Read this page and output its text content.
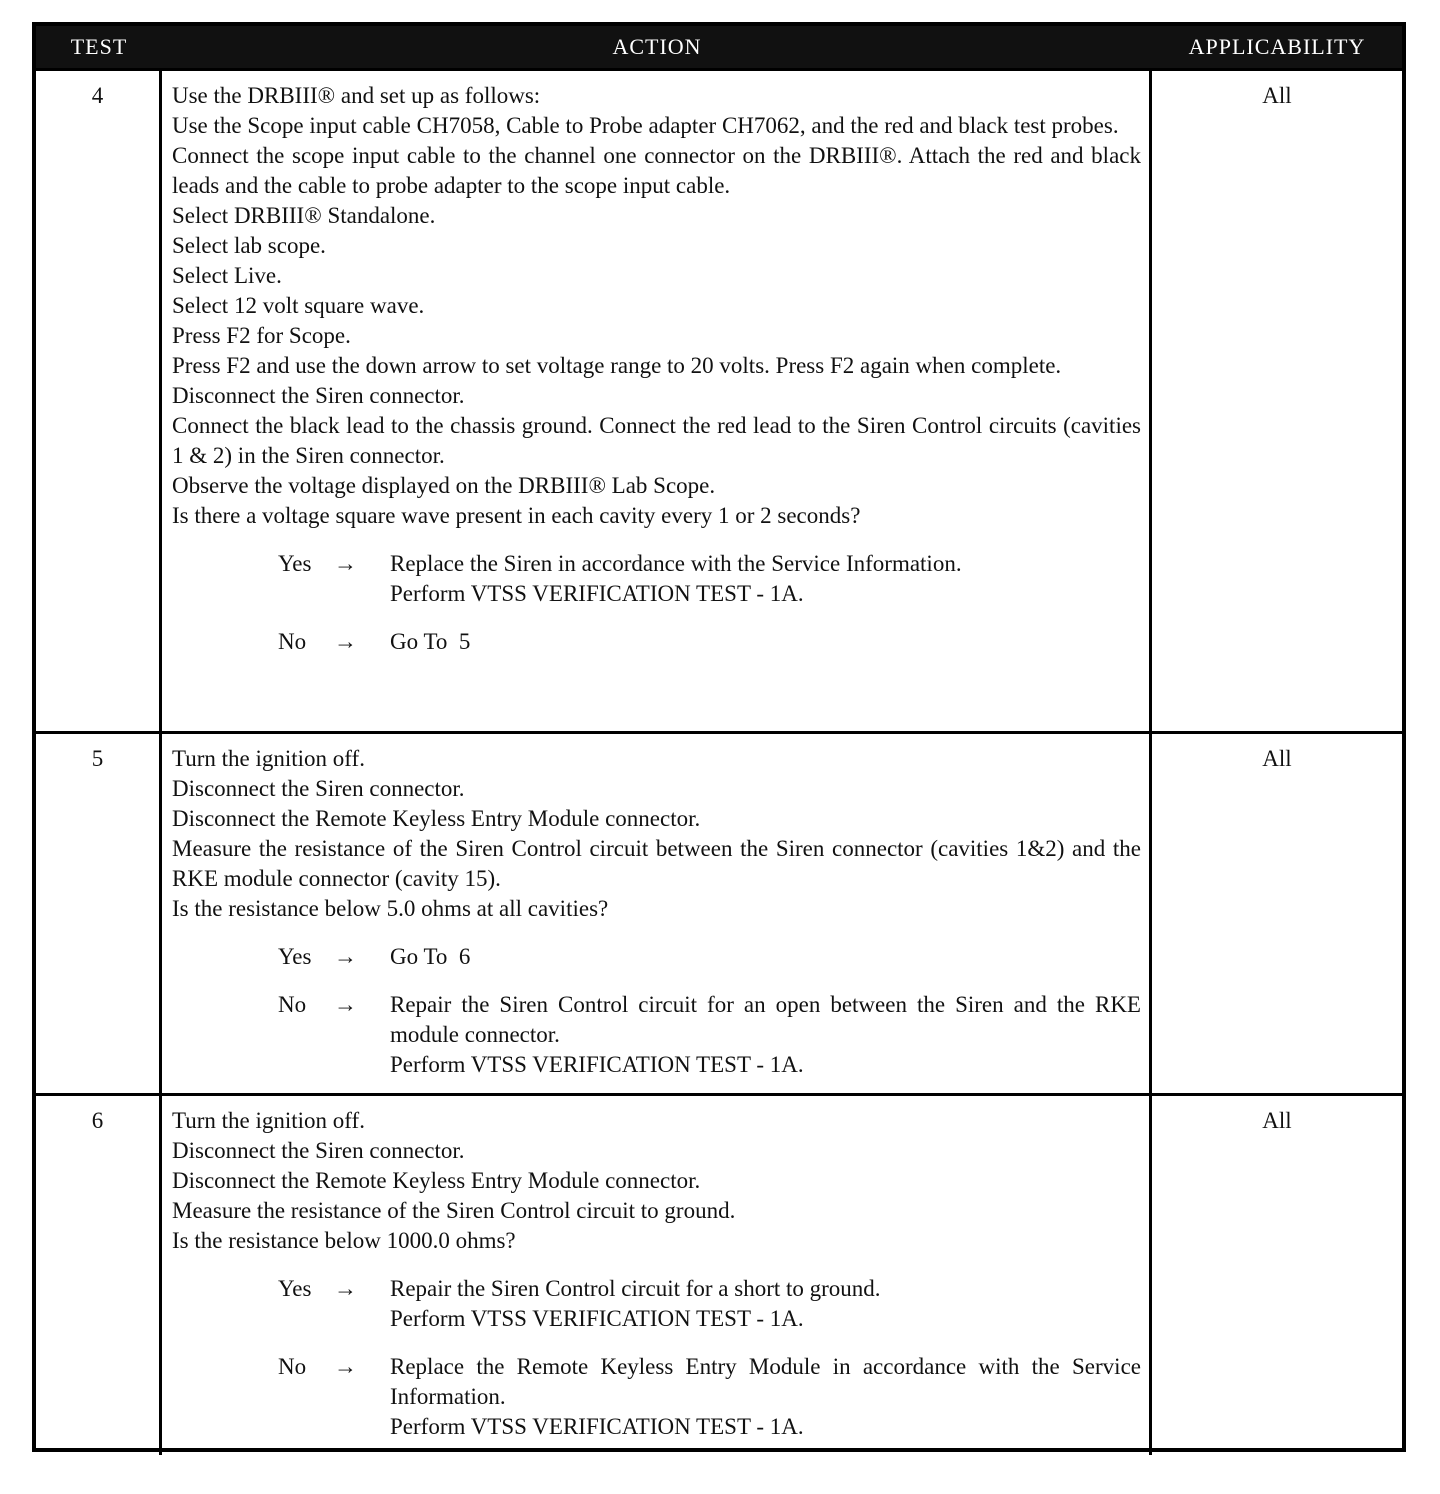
TEST	ACTION	APPLICABILITY
4	Use the DRBIII® and set up as follows:
Use the Scope input cable CH7058, Cable to Probe adapter CH7062, and the red and black test probes.
Connect the scope input cable to the channel one connector on the DRBIII®. Attach the red and black leads and the cable to probe adapter to the scope input cable.
Select DRBIII® Standalone.
Select lab scope.
Select Live.
Select 12 volt square wave.
Press F2 for Scope.
Press F2 and use the down arrow to set voltage range to 20 volts. Press F2 again when complete.
Disconnect the Siren connector.
Connect the black lead to the chassis ground. Connect the red lead to the Siren Control circuits (cavities 1 & 2) in the Siren connector.
Observe the voltage displayed on the DRBIII® Lab Scope.
Is there a voltage square wave present in each cavity every 1 or 2 seconds?
Yes →	Replace the Siren in accordance with the Service Information.
Perform VTSS VERIFICATION TEST - 1A.
No	→	Go To  5
All
5	Turn the ignition off.
Disconnect the Siren connector.
Disconnect the Remote Keyless Entry Module connector.
Measure the resistance of the Siren Control circuit between the Siren connector (cavities 1&2) and the RKE module connector (cavity 15).
Is the resistance below 5.0 ohms at all cavities?
Yes →	Go To  6
No	→	Repair the Siren Control circuit for an open between the Siren and the RKE module connector.
Perform VTSS VERIFICATION TEST - 1A.
All
6	Turn the ignition off.
Disconnect the Siren connector.
Disconnect the Remote Keyless Entry Module connector.
Measure the resistance of the Siren Control circuit to ground.
Is the resistance below 1000.0 ohms?
Yes →	Repair the Siren Control circuit for a short to ground.
Perform VTSS VERIFICATION TEST - 1A.
No	→	Replace the Remote Keyless Entry Module in accordance with the Service Information.
Perform VTSS VERIFICATION TEST - 1A.
All
